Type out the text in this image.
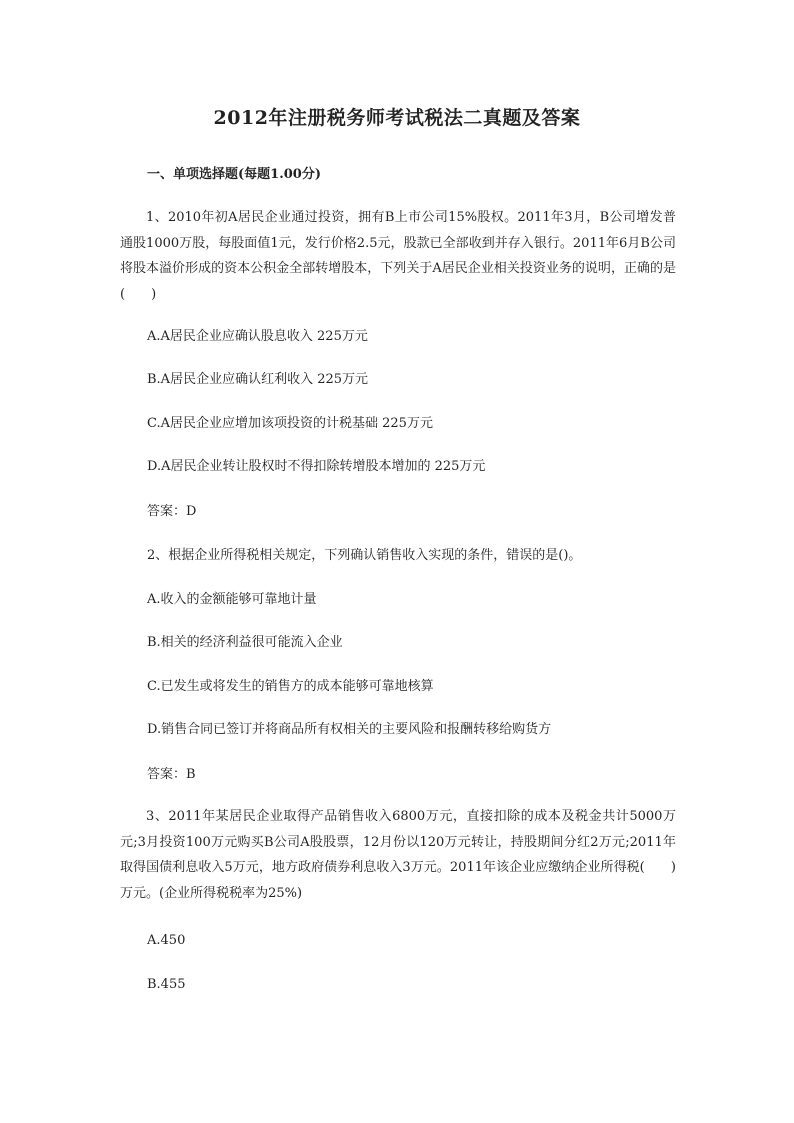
2012年注册税务师考试税法二真题及答案
一、单项选择题(每题1.00分)
1、2010年初A居民企业通过投资，拥有B上市公司15%股权。2011年3月，B公司增发普通股1000万股，每股面值1元，发行价格2.5元，股款已全部收到并存入银行。2011年6月B公司将股本溢价形成的资本公积金全部转增股本，下列关于A居民企业相关投资业务的说明，正确的是(　　)
A.A居民企业应确认股息收入 225万元
B.A居民企业应确认红利收入 225万元
C.A居民企业应增加该项投资的计税基础 225万元
D.A居民企业转让股权时不得扣除转增股本增加的 225万元
答案：D
2、根据企业所得税相关规定，下列确认销售收入实现的条件，错误的是()。
A.收入的金额能够可靠地计量
B.相关的经济利益很可能流入企业
C.已发生或将发生的销售方的成本能够可靠地核算
D.销售合同已签订并将商品所有权相关的主要风险和报酬转移给购货方
答案：B
3、2011年某居民企业取得产品销售收入6800万元，直接扣除的成本及税金共计5000万元;3月投资100万元购买B公司A股股票，12月份以120万元转让，持股期间分红2万元;2011年取得国债利息收入5万元，地方政府债券利息收入3万元。2011年该企业应缴纳企业所得税(　　)万元。(企业所得税税率为25%)
A.450
B.455
